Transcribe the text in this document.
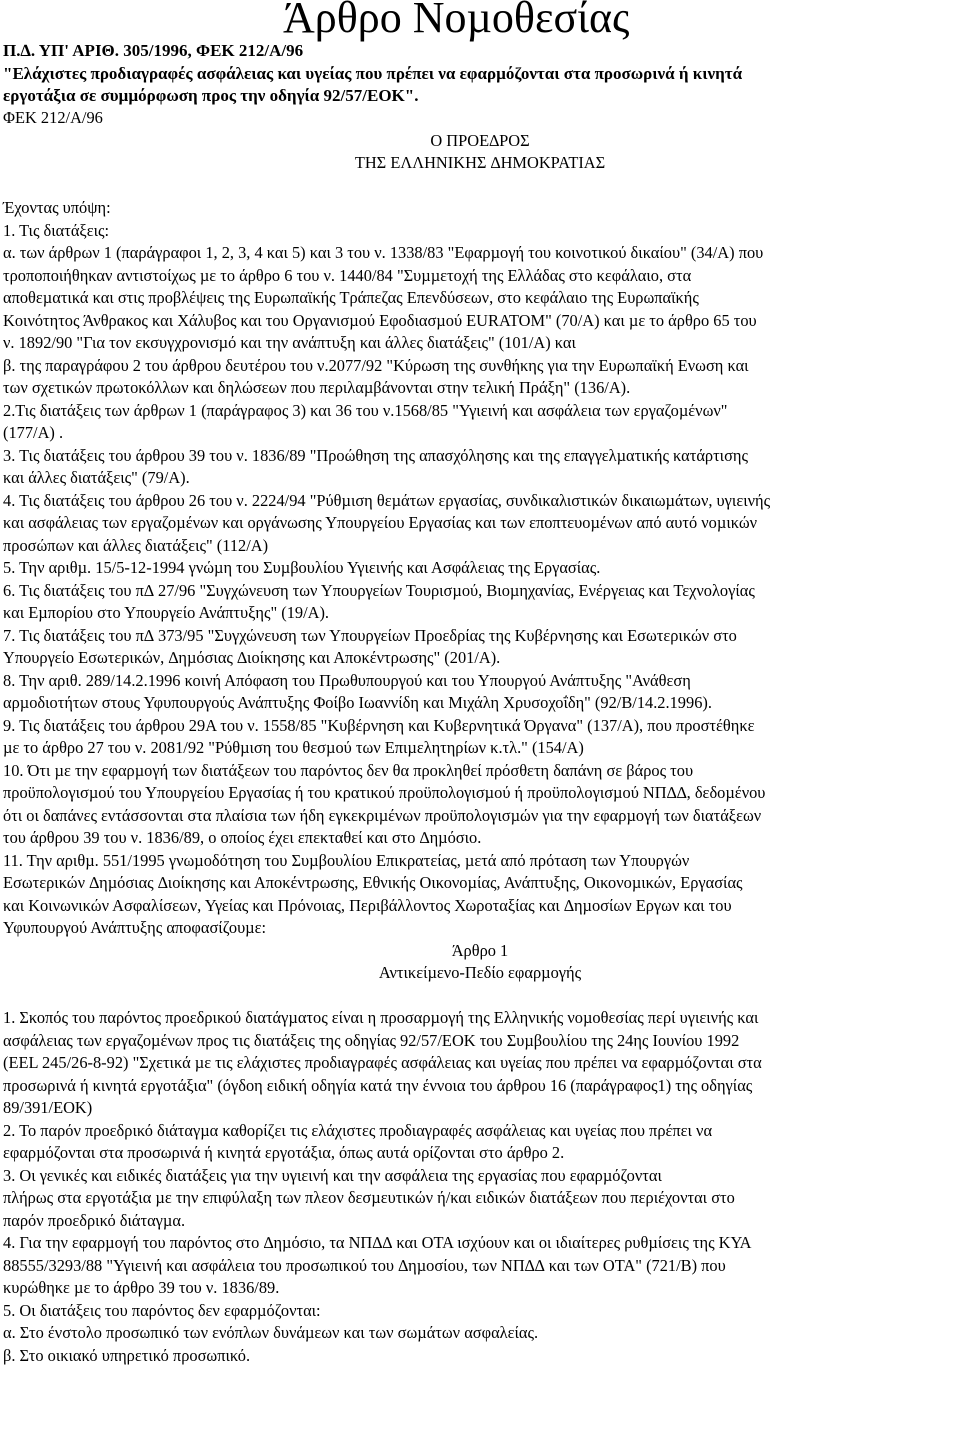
Άρθρο Νοµοθεσίας
Π.∆. ΥΠ' ΑΡΙΘ. 305/1996, ΦΕΚ 212/Α/96
"Ελάχιστες προδιαγραφές ασφάλειας και υγείας που πρέπει να εφαρµόζονται στα προσωρινά ή κινητά
εργοτάξια σε συµµόρφωση προς την οδηγία 92/57/ΕΟΚ".
ΦΕΚ 212/Α/96
Ο ΠΡΟΕ∆ΡΟΣ
ΤΗΣ ΕΛΛΗΝΙΚΗΣ ∆ΗΜΟΚΡΑΤΙΑΣ
Έχοντας υπόψη:
1. Τις διατάξεις:
α. των άρθρων 1 (παράγραφοι 1, 2, 3, 4 και 5) και 3 του ν. 1338/83 "Εφαρµογή του κοινοτικού δικαίου" (34/Α) που
τροποποιήθηκαν αντιστοίχως µε το άρθρο 6 του ν. 1440/84 "Συµµετοχή της Ελλάδας στο κεφάλαιο, στα
αποθεµατικά και στις προβλέψεις της Ευρωπαϊκής Τράπεζας Επενδύσεων, στο κεφάλαιο της Ευρωπαϊκής
Κοινότητος Άνθρακος και Χάλυβος και του Οργανισµού Εφοδιασµού EURATOM" (70/Α) και µε το άρθρο 65 του
ν. 1892/90 "Για τον εκσυγχρονισµό και την ανάπτυξη και άλλες διατάξεις" (101/Α) και
β. της παραγράφου 2 του άρθρου δευτέρου του ν.2077/92 "Κύρωση της συνθήκης για την Ευρωπαϊκή Ενωση και
των σχετικών πρωτοκόλλων και δηλώσεων που περιλαµβάνονται στην τελική Πράξη" (136/Α).
2.Τις διατάξεις των άρθρων 1 (παράγραφος 3) και 36 του ν.1568/85 "Υγιεινή και ασφάλεια των εργαζοµένων"
(177/Α) .
3. Τις διατάξεις του άρθρου 39 του ν. 1836/89 "Προώθηση της απασχόλησης και της επαγγελµατικής κατάρτισης
και άλλες διατάξεις" (79/Α).
4. Τις διατάξεις του άρθρου 26 του ν. 2224/94 "Ρύθµιση θεµάτων εργασίας, συνδικαλιστικών δικαιωµάτων, υγιεινής
και ασφάλειας των εργαζοµένων και οργάνωσης Υπουργείου Εργασίας και των εποπτευοµένων από αυτό νοµικών
προσώπων και άλλες διατάξεις" (112/Α)
5. Την αριθµ. 15/5-12-1994 γνώµη του Συµβουλίου Υγιεινής και Ασφάλειας της Εργασίας.
6. Τις διατάξεις του π∆ 27/96 "Συγχώνευση των Υπουργείων Τουρισµού, Βιοµηχανίας, Ενέργειας και Τεχνολογίας
και Εµπορίου στο Υπουργείο Ανάπτυξης" (19/Α).
7. Τις διατάξεις του π∆ 373/95 "Συγχώνευση των Υπουργείων Προεδρίας της Κυβέρνησης και Εσωτερικών στο
Υπουργείο Εσωτερικών, ∆ηµόσιας ∆ιοίκησης και Αποκέντρωσης" (201/Α).
8. Την αριθ. 289/14.2.1996 κοινή Απόφαση του Πρωθυπουργού και του Υπουργού Ανάπτυξης "Ανάθεση
αρµοδιοτήτων στους Υφυπουργούς Ανάπτυξης Φοίβο Ιωαννίδη και Μιχάλη Χρυσοχοΐδη" (92/Β/14.2.1996).
9. Τις διατάξεις του άρθρου 29Α του ν. 1558/85 "Κυβέρνηση και Κυβερνητικά Όργανα" (137/Α), που προστέθηκε
µε το άρθρο 27 του ν. 2081/92 "Ρύθµιση του θεσµού των Επιµελητηρίων κ.τλ." (154/Α)
10. Ότι µε την εφαρµογή των διατάξεων του παρόντος δεν θα προκληθεί πρόσθετη δαπάνη σε βάρος του
προϋπολογισµού του Υπουργείου Εργασίας ή του κρατικού προϋπολογισµού ή προϋπολογισµού ΝΠ∆∆, δεδοµένου
ότι οι δαπάνες εντάσσονται στα πλαίσια των ήδη εγκεκριµένων προϋπολογισµών για την εφαρµογή των διατάξεων
του άρθρου 39 του ν. 1836/89, ο οποίος έχει επεκταθεί και στο ∆ηµόσιο.
11. Την αριθµ. 551/1995 γνωµοδότηση του Συµβουλίου Επικρατείας, µετά από πρόταση των Υπουργών
Εσωτερικών ∆ηµόσιας ∆ιοίκησης και Αποκέντρωσης, Εθνικής Οικονοµίας, Ανάπτυξης, Οικονοµικών, Εργασίας
και Κοινωνικών Ασφαλίσεων, Υγείας και Πρόνοιας, Περιβάλλοντος Χωροταξίας και ∆ηµοσίων Εργων και του
Υφυπουργού Ανάπτυξης αποφασίζουµε:
Άρθρο 1
Αντικείµενο-Πεδίο εφαρµογής
1. Σκοπός του παρόντος προεδρικού διατάγµατος είναι η προσαρµογή της Ελληνικής νοµοθεσίας περί υγιεινής και
ασφάλειας των εργαζοµένων προς τις διατάξεις της οδηγίας 92/57/ΕΟΚ του Συµβουλίου της 24ης Ιουνίου 1992
(EEL 245/26-8-92) "Σχετικά µε τις ελάχιστες προδιαγραφές ασφάλειας και υγείας που πρέπει να εφαρµόζονται στα
προσωρινά ή κινητά εργοτάξια" (όγδοη ειδική οδηγία κατά την έννοια του άρθρου 16 (παράγραφος1) της οδηγίας
89/391/ΕΟΚ)
2. Το παρόν προεδρικό διάταγµα καθορίζει τις ελάχιστες προδιαγραφές ασφάλειας και υγείας που πρέπει να
εφαρµόζονται στα προσωρινά ή κινητά εργοτάξια, όπως αυτά ορίζονται στο άρθρο 2.
3. Οι γενικές και ειδικές διατάξεις για την υγιεινή και την ασφάλεια της εργασίας που εφαρµόζονται
πλήρως στα εργοτάξια µε την επιφύλαξη των πλεον δεσµευτικών ή/και ειδικών διατάξεων που περιέχονται στο
παρόν προεδρικό διάταγµα.
4. Για την εφαρµογή του παρόντος στο ∆ηµόσιο, τα ΝΠ∆∆ και ΟΤΑ ισχύουν και οι ιδιαίτερες ρυθµίσεις της ΚΥΑ
88555/3293/88 "Υγιεινή και ασφάλεια του προσωπικού του ∆ηµοσίου, των ΝΠ∆∆ και των ΟΤΑ" (721/Β) που
κυρώθηκε µε το άρθρο 39 του ν. 1836/89.
5. Οι διατάξεις του παρόντος δεν εφαρµόζονται:
α. Στο ένστολο προσωπικό των ενόπλων δυνάµεων και των σωµάτων ασφαλείας.
β. Στο οικιακό υπηρετικό προσωπικό.
